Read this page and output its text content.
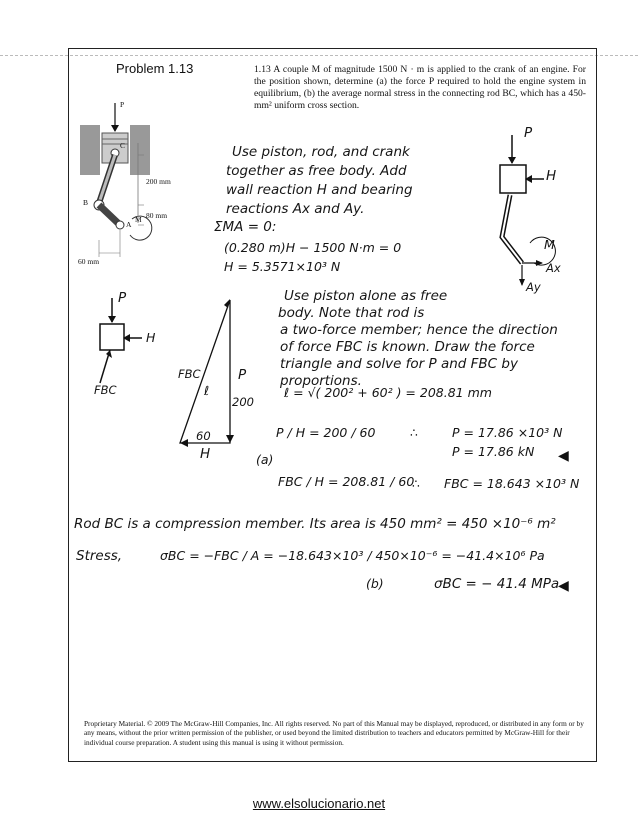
Problem 1.13	1.13 A couple M of magnitude 1500 N · m is applied to the crank of an engine. For the position shown, determine (a) the force P required to hold the engine system in equilibrium, (b) the average normal stress in the connecting rod BC, which has a 450-mm² uniform cross section.
P
C
B
A
M
200 mm
80 mm
60 mm
Use piston, rod, and crank
together as free body. Add
wall reaction H and bearing
reactions Ax and Ay.
ƩMA = 0:
(0.280 m)H − 1500 N·m = 0
H = 5.3571×10³ N
P
H
M
Ax
Ay
Use piston alone as free
body. Note that rod is
a two-force member; hence the direction
of force FBC is known. Draw the force
triangle and solve for P and FBC by
proportions.
P
H
FBC
FBC
ℓ
P
200
60
H
ℓ = √( 200² + 60² ) = 208.81 mm
P / H = 200 / 60	∴	P = 17.86 ×10³ N
(a)
P = 17.86 kN ◀
FBC / H = 208.81 / 60
∴ FBC = 18.643 ×10³ N
Rod BC is a compression member. Its area is 450 mm² = 450 ×10⁻⁶ m²
Stress,	σBC = −FBC / A = −18.643×10³ / 450×10⁻⁶ = −41.4×10⁶ Pa
(b)	σBC = − 41.4 MPa
◀
Proprietary Material. © 2009 The McGraw-Hill Companies, Inc. All rights reserved. No part of this Manual may be displayed, reproduced, or distributed in any form or by any means, without the prior written permission of the publisher, or used beyond the limited distribution to teachers and educators permitted by McGraw-Hill for their individual course preparation. A student using this manual is using it without permission.
www.elsolucionario.net
